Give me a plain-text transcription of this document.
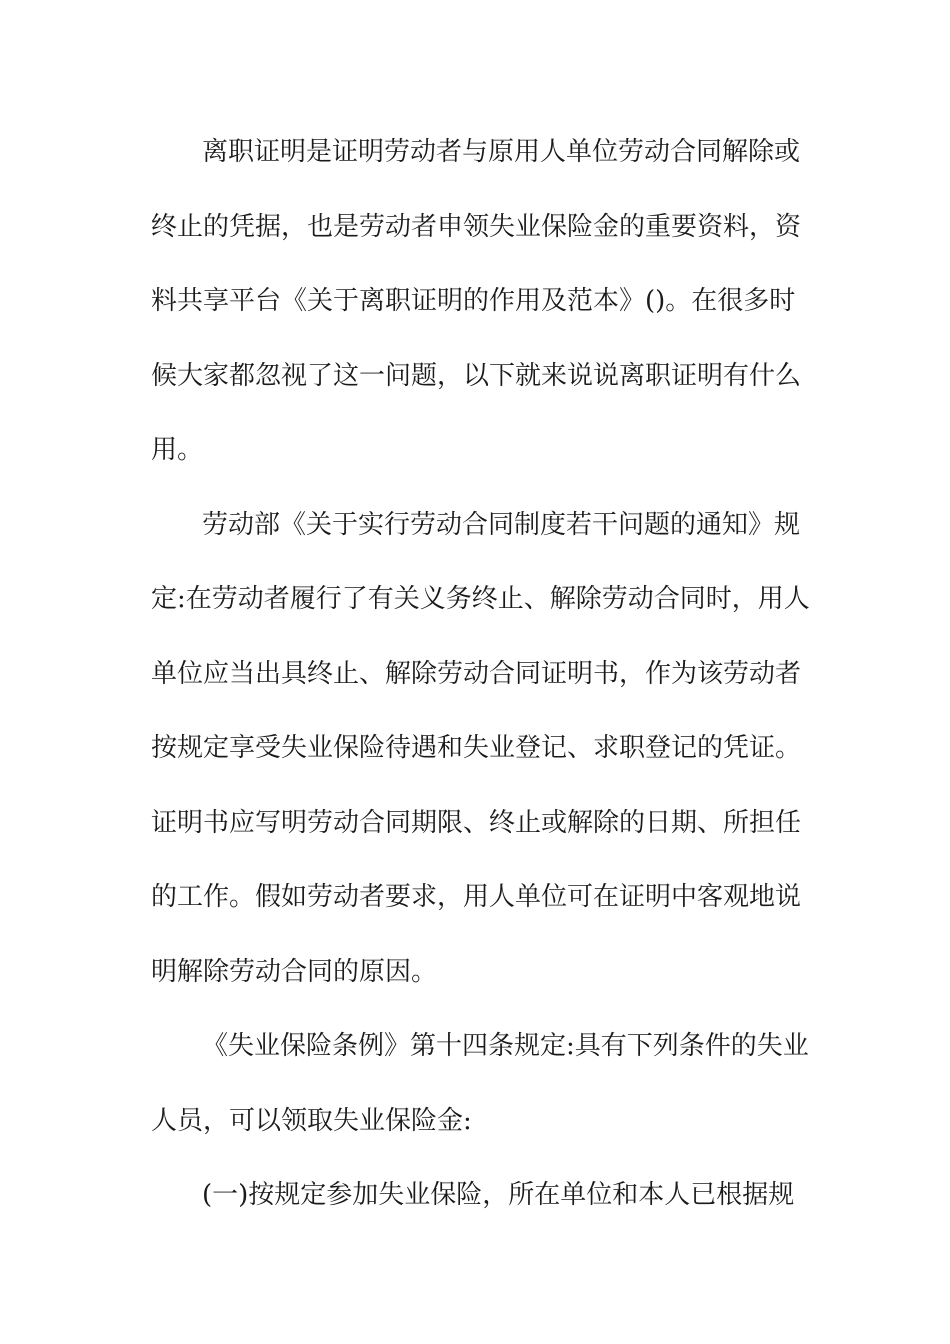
离职证明是证明劳动者与原用人单位劳动合同解除或
终止的凭据，也是劳动者申领失业保险金的重要资料，资
料共享平台《关于离职证明的作用及范本》()。在很多时
候大家都忽视了这一问题，以下就来说说离职证明有什么
用。
劳动部《关于实行劳动合同制度若干问题的通知》规
定:在劳动者履行了有关义务终止、解除劳动合同时，用人
单位应当出具终止、解除劳动合同证明书，作为该劳动者
按规定享受失业保险待遇和失业登记、求职登记的凭证。
证明书应写明劳动合同期限、终止或解除的日期、所担任
的工作。假如劳动者要求，用人单位可在证明中客观地说
明解除劳动合同的原因。
《失业保险条例》第十四条规定:具有下列条件的失业
人员，可以领取失业保险金:
(一)按规定参加失业保险，所在单位和本人已根据规
